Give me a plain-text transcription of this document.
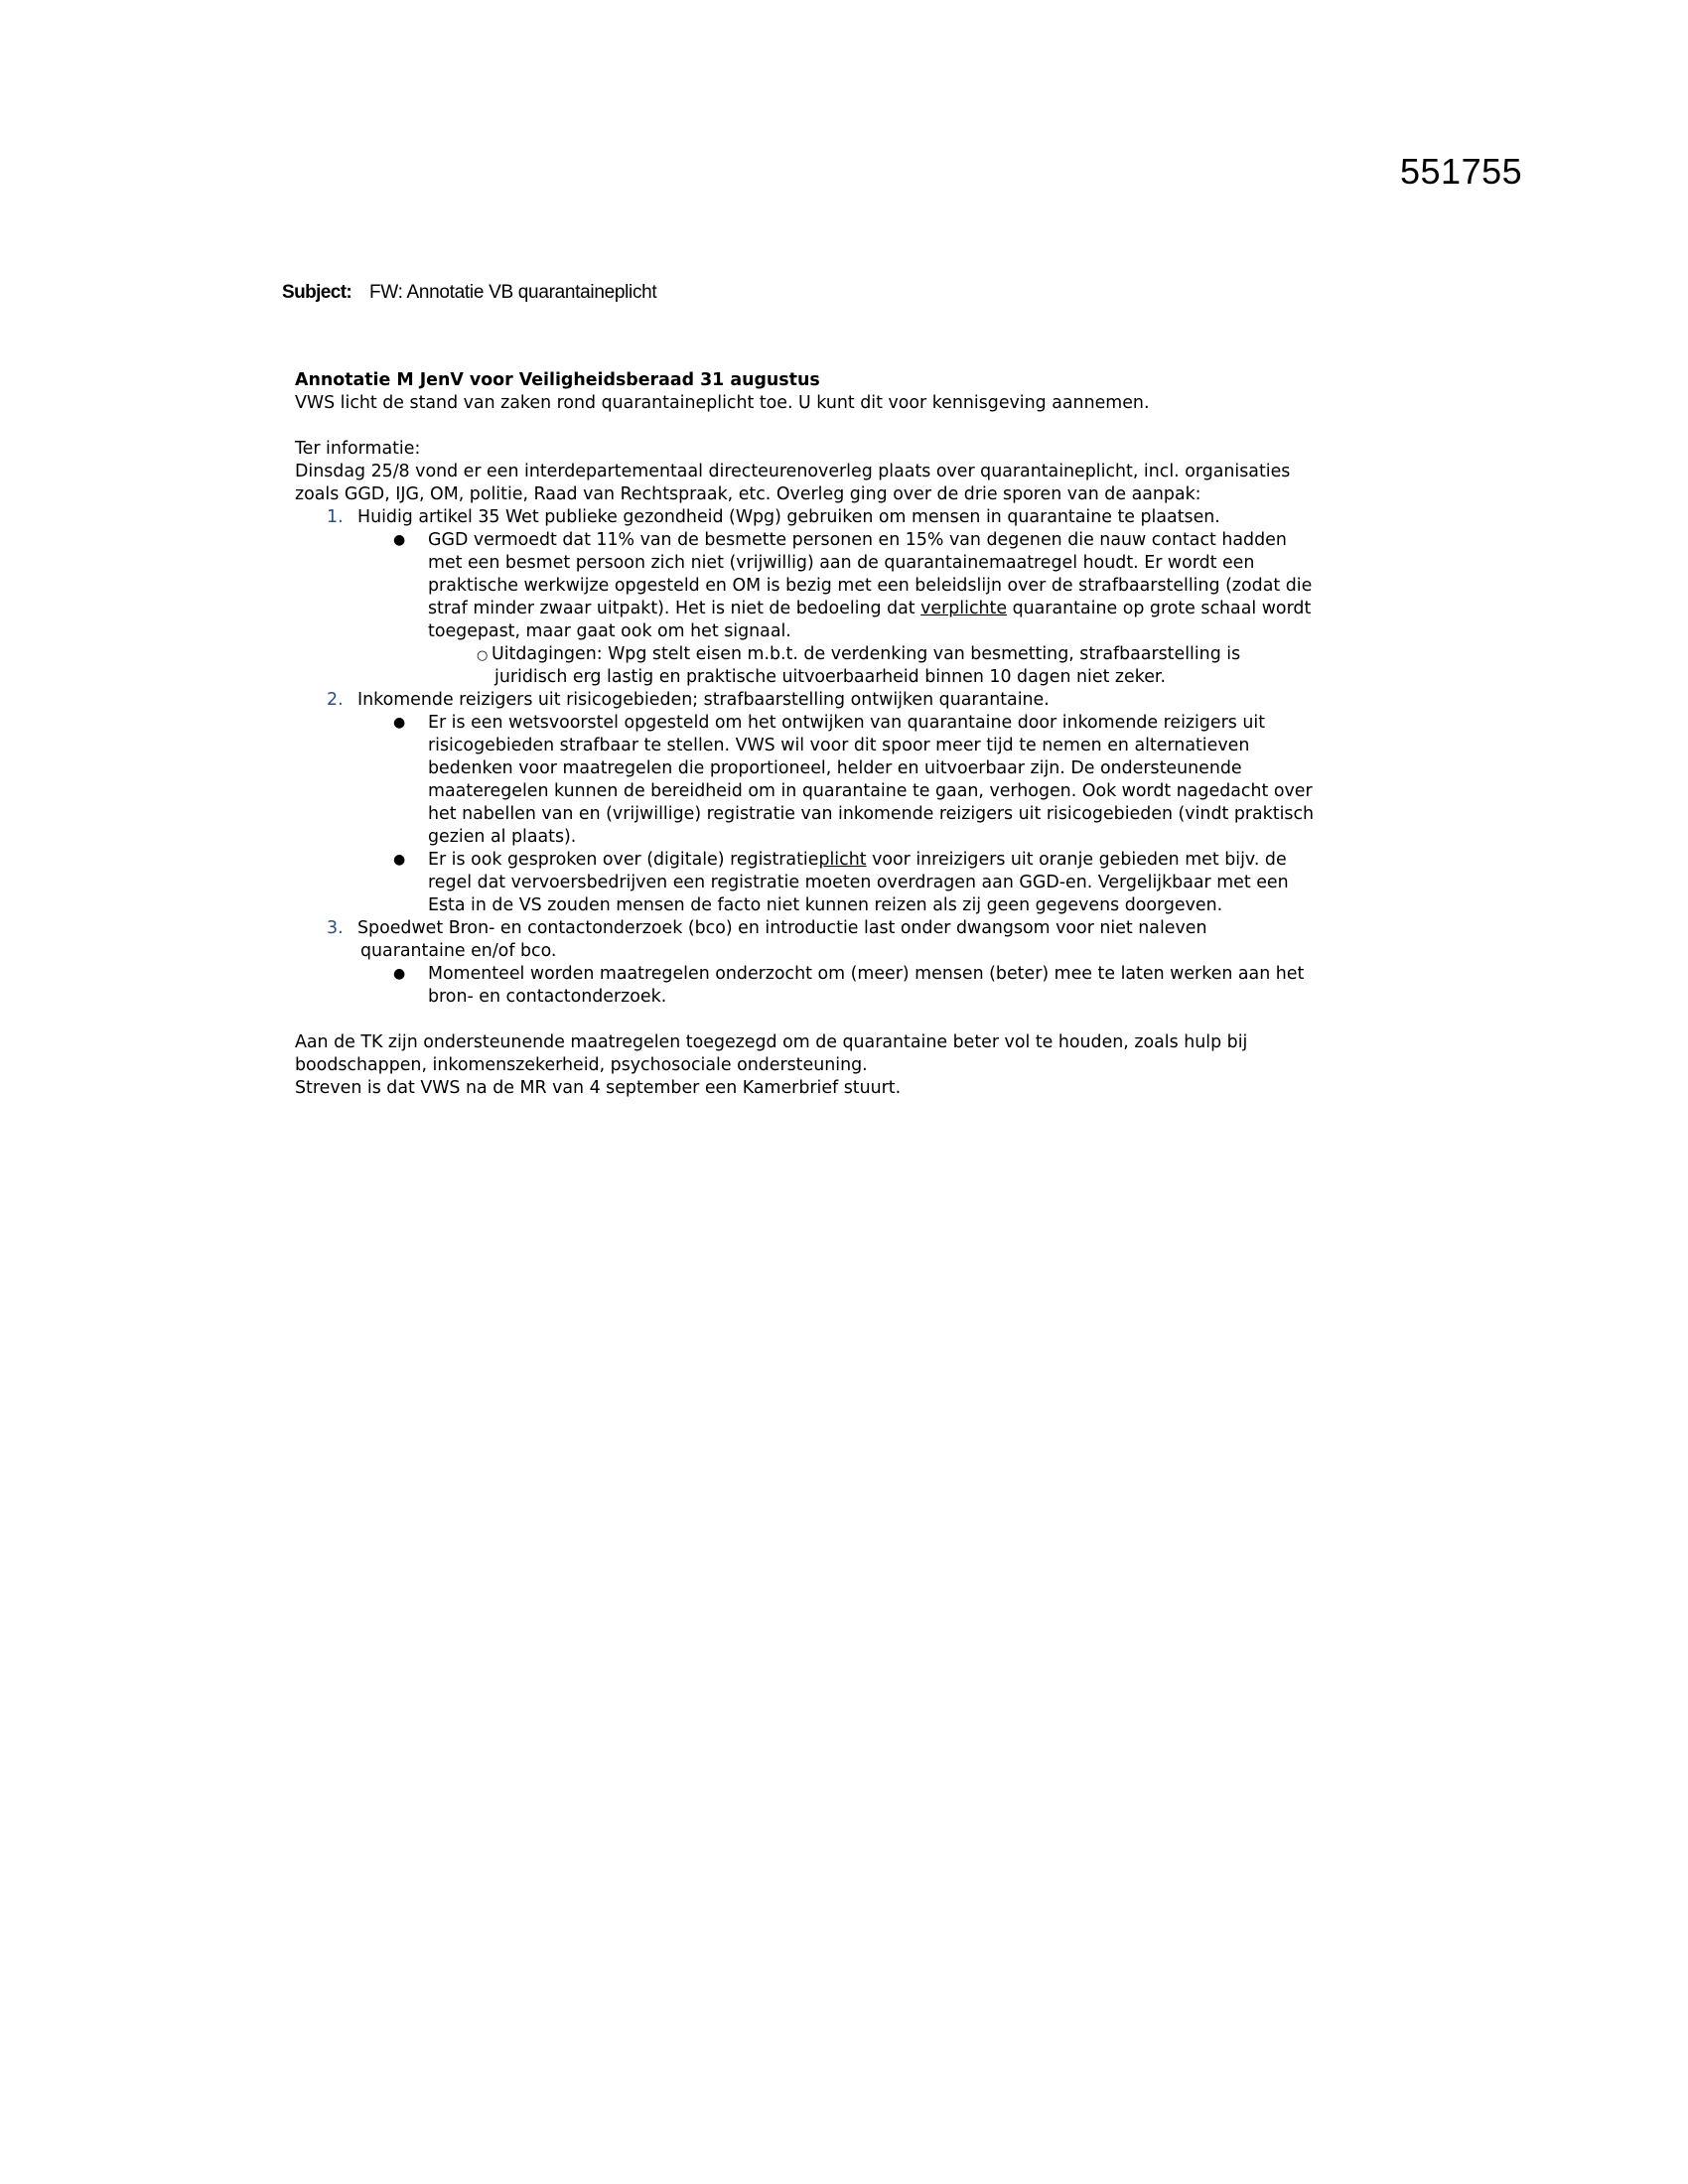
551755
Subject: FW: Annotatie VB quarantaineplicht
Annotatie M JenV voor Veiligheidsberaad 31 augustus
VWS licht de stand van zaken rond quarantaineplicht toe. U kunt dit voor kennisgeving aannemen.
Ter informatie:
Dinsdag 25/8 vond er een interdepartementaal directeurenoverleg plaats over quarantaineplicht, incl. organisaties
zoals GGD, IJG, OM, politie, Raad van Rechtspraak, etc. Overleg ging over de drie sporen van de aanpak:
1. Huidig artikel 35 Wet publieke gezondheid (Wpg) gebruiken om mensen in quarantaine te plaatsen.
● GGD vermoedt dat 11% van de besmette personen en 15% van degenen die nauw contact hadden
met een besmet persoon zich niet (vrijwillig) aan de quarantainemaatregel houdt. Er wordt een
praktische werkwijze opgesteld en OM is bezig met een beleidslijn over de strafbaarstelling (zodat die
straf minder zwaar uitpakt). Het is niet de bedoeling dat verplichte quarantaine op grote schaal wordt
toegepast, maar gaat ook om het signaal.
○ Uitdagingen: Wpg stelt eisen m.b.t. de verdenking van besmetting, strafbaarstelling is
juridisch erg lastig en praktische uitvoerbaarheid binnen 10 dagen niet zeker.
2. Inkomende reizigers uit risicogebieden; strafbaarstelling ontwijken quarantaine.
● Er is een wetsvoorstel opgesteld om het ontwijken van quarantaine door inkomende reizigers uit
risicogebieden strafbaar te stellen. VWS wil voor dit spoor meer tijd te nemen en alternatieven
bedenken voor maatregelen die proportioneel, helder en uitvoerbaar zijn. De ondersteunende
maateregelen kunnen de bereidheid om in quarantaine te gaan, verhogen. Ook wordt nagedacht over
het nabellen van en (vrijwillige) registratie van inkomende reizigers uit risicogebieden (vindt praktisch
gezien al plaats).
● Er is ook gesproken over (digitale) registratieplicht voor inreizigers uit oranje gebieden met bijv. de
regel dat vervoersbedrijven een registratie moeten overdragen aan GGD-en. Vergelijkbaar met een
Esta in de VS zouden mensen de facto niet kunnen reizen als zij geen gegevens doorgeven.
3. Spoedwet Bron- en contactonderzoek (bco) en introductie last onder dwangsom voor niet naleven
quarantaine en/of bco.
● Momenteel worden maatregelen onderzocht om (meer) mensen (beter) mee te laten werken aan het
bron- en contactonderzoek.
Aan de TK zijn ondersteunende maatregelen toegezegd om de quarantaine beter vol te houden, zoals hulp bij
boodschappen, inkomenszekerheid, psychosociale ondersteuning.
Streven is dat VWS na de MR van 4 september een Kamerbrief stuurt.
